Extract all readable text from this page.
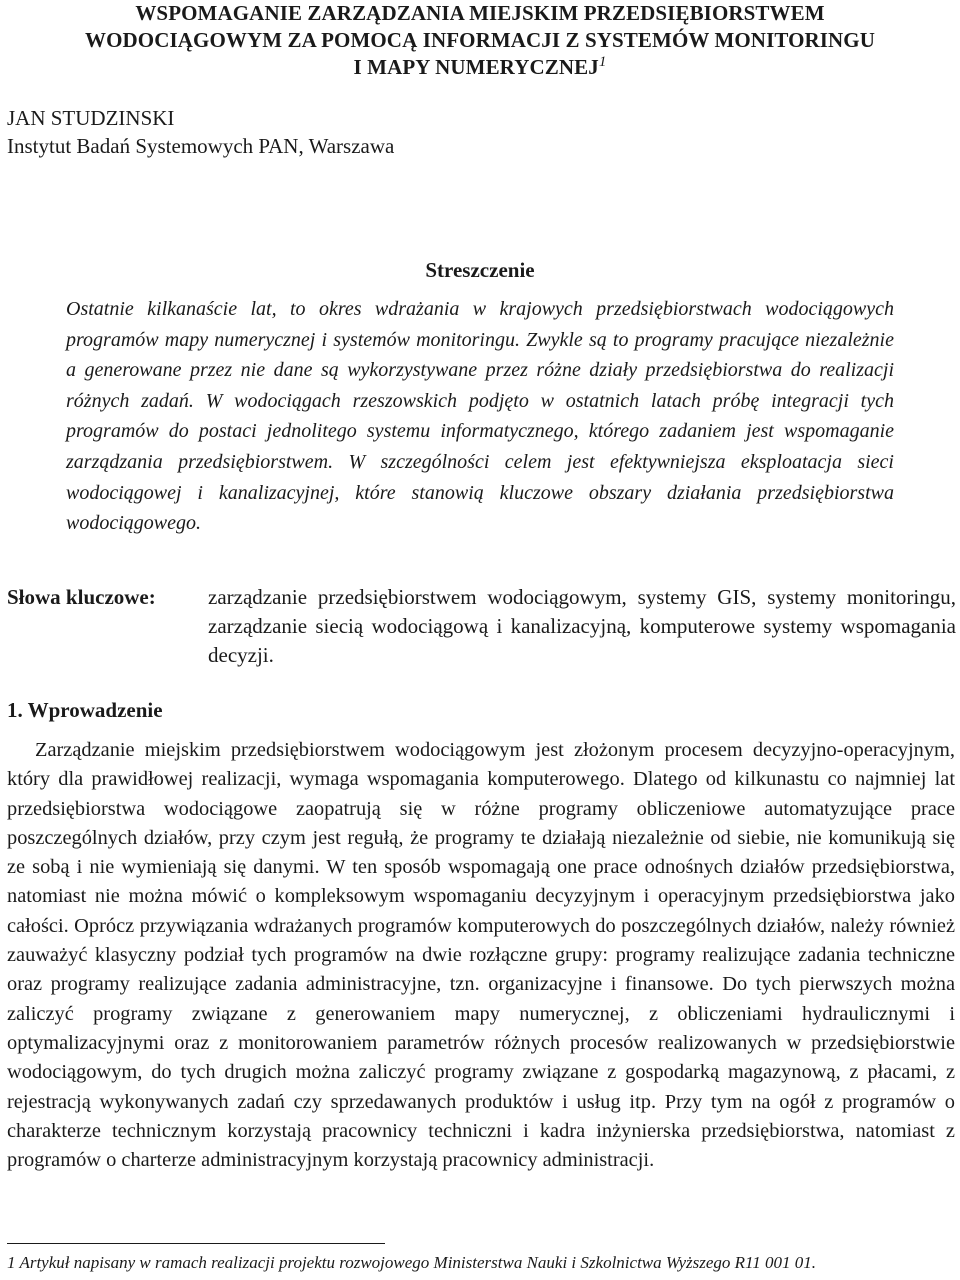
WSPOMAGANIE ZARZĄDZANIA MIEJSKIM PRZEDSIĘBIORSTWEM
WODOCIĄGOWYM ZA POMOCĄ INFORMACJI Z SYSTEMÓW MONITORINGU
I MAPY NUMERYCZNEJ$^1$
JAN STUDZINSKI
Instytut Badań Systemowych PAN, Warszawa
Streszczenie
Ostatnie kilkanaście lat, to okres wdrażania w krajowych przedsiębiorstwach wodociągowych programów mapy numerycznej i systemów monitoringu. Zwykle są to programy pracujące niezależnie a generowane przez nie dane są wykorzystywane przez różne działy przedsiębiorstwa do realizacji różnych zadań. W wodociągach rzeszowskich podjęto w ostatnich latach próbę integracji tych programów do postaci jednolitego systemu informatycznego, którego zadaniem jest wspomaganie zarządzania przedsiębiorstwem. W szczególności celem jest efektywniejsza eksploatacja sieci wodociągowej i kanalizacyjnej, które stanowią kluczowe obszary działania przedsiębiorstwa wodociągowego.
Słowa kluczowe: zarządzanie przedsiębiorstwem wodociągowym, systemy GIS, systemy monitoringu, zarządzanie siecią wodociągową i kanalizacyjną, komputerowe systemy wspomagania decyzji.
1. Wprowadzenie
Zarządzanie miejskim przedsiębiorstwem wodociągowym jest złożonym procesem decyzyjno-operacyjnym, który dla prawidłowej realizacji, wymaga wspomagania komputerowego. Dlatego od kilkunastu co najmniej lat przedsiębiorstwa wodociągowe zaopatrują się w różne programy obliczeniowe automatyzujące prace poszczególnych działów, przy czym jest regułą, że programy te działają niezależnie od siebie, nie komunikują się ze sobą i nie wymieniają się danymi. W ten sposób wspomagają one prace odnośnych działów przedsiębiorstwa, natomiast nie można mówić o kompleksowym wspomaganiu decyzyjnym i operacyjnym przedsiębiorstwa jako całości. Oprócz przywiązania wdrażanych programów komputerowych do poszczególnych działów, należy również zauważyć klasyczny podział tych programów na dwie rozłączne grupy: programy realizujące zadania techniczne oraz programy realizujące zadania administracyjne, tzn. organizacyjne i finansowe. Do tych pierwszych można zaliczyć programy związane z generowaniem mapy numerycznej, z obliczeniami hydraulicznymi i optymalizacyjnymi oraz z monitorowaniem parametrów różnych procesów realizowanych w przedsiębiorstwie wodociągowym, do tych drugich można zaliczyć programy związane z gospodarką magazynową, z płacami, z rejestracją wykonywanych zadań czy sprzedawanych produktów i usług itp. Przy tym na ogół z programów o charakterze technicznym korzystają pracownicy techniczni i kadra inżynierska przedsiębiorstwa, natomiast z programów o charterze administracyjnym korzystają pracownicy administracji.
1 Artykuł napisany w ramach realizacji projektu rozwojowego Ministerstwa Nauki i Szkolnictwa Wyższego R11 001 01.
